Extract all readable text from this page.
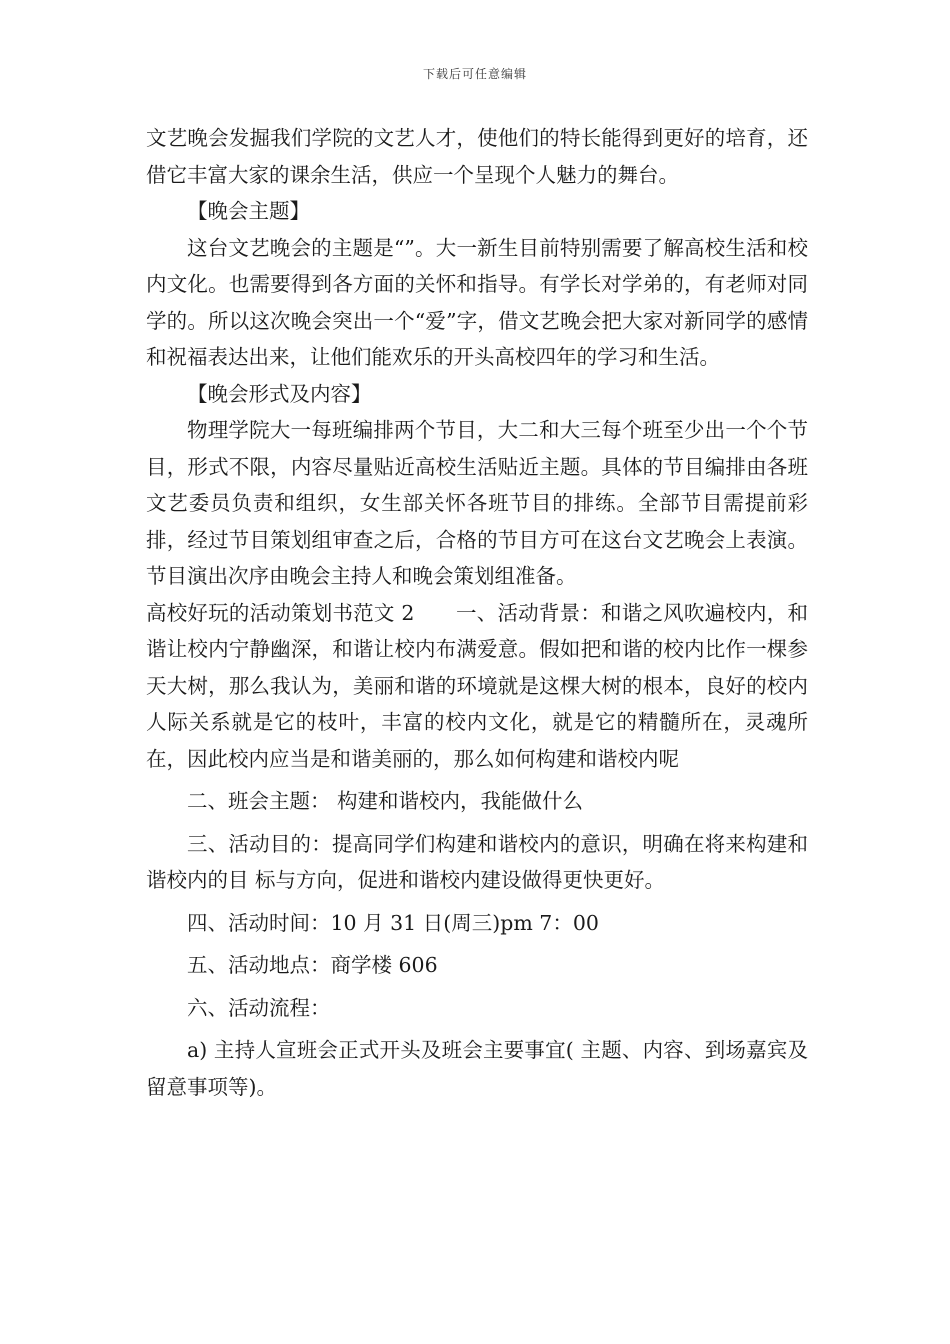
下载后可任意编辑

文艺晚会发掘我们学院的文艺人才，使他们的特长能得到更好的培育，还借它丰富大家的课余生活，供应一个呈现个人魅力的舞台。

【晚会主题】

这台文艺晚会的主题是“”。大一新生目前特别需要了解高校生活和校内文化。也需要得到各方面的关怀和指导。有学长对学弟的，有老师对同学的。所以这次晚会突出一个“爱”字，借文艺晚会把大家对新同学的感情和祝福表达出来，让他们能欢乐的开头高校四年的学习和生活。

【晚会形式及内容】

物理学院大一每班编排两个节目，大二和大三每个班至少出一个个节目，形式不限，内容尽量贴近高校生活贴近主题。具体的节目编排由各班文艺委员负责和组织，女生部关怀各班节目的排练。全部节目需提前彩排，经过节目策划组审查之后，合格的节目方可在这台文艺晚会上表演。节目演出次序由晚会主持人和晚会策划组准备。

高校好玩的活动策划书范文 2　　一、活动背景：和谐之风吹遍校内，和谐让校内宁静幽深，和谐让校内布满爱意。假如把和谐的校内比作一棵参天大树，那么我认为，美丽和谐的环境就是这棵大树的根本，良好的校内人际关系就是它的枝叶，丰富的校内文化，就是它的精髓所在，灵魂所在，因此校内应当是和谐美丽的，那么如何构建和谐校内呢

二、班会主题： 构建和谐校内，我能做什么

三、活动目的：提高同学们构建和谐校内的意识，明确在将来构建和谐校内的目 标与方向，促进和谐校内建设做得更快更好。

四、活动时间：10 月 31 日(周三)pm 7：00

五、活动地点：商学楼 606

六、活动流程：

a) 主持人宣班会正式开头及班会主要事宜( 主题、内容、到场嘉宾及留意事项等)。
